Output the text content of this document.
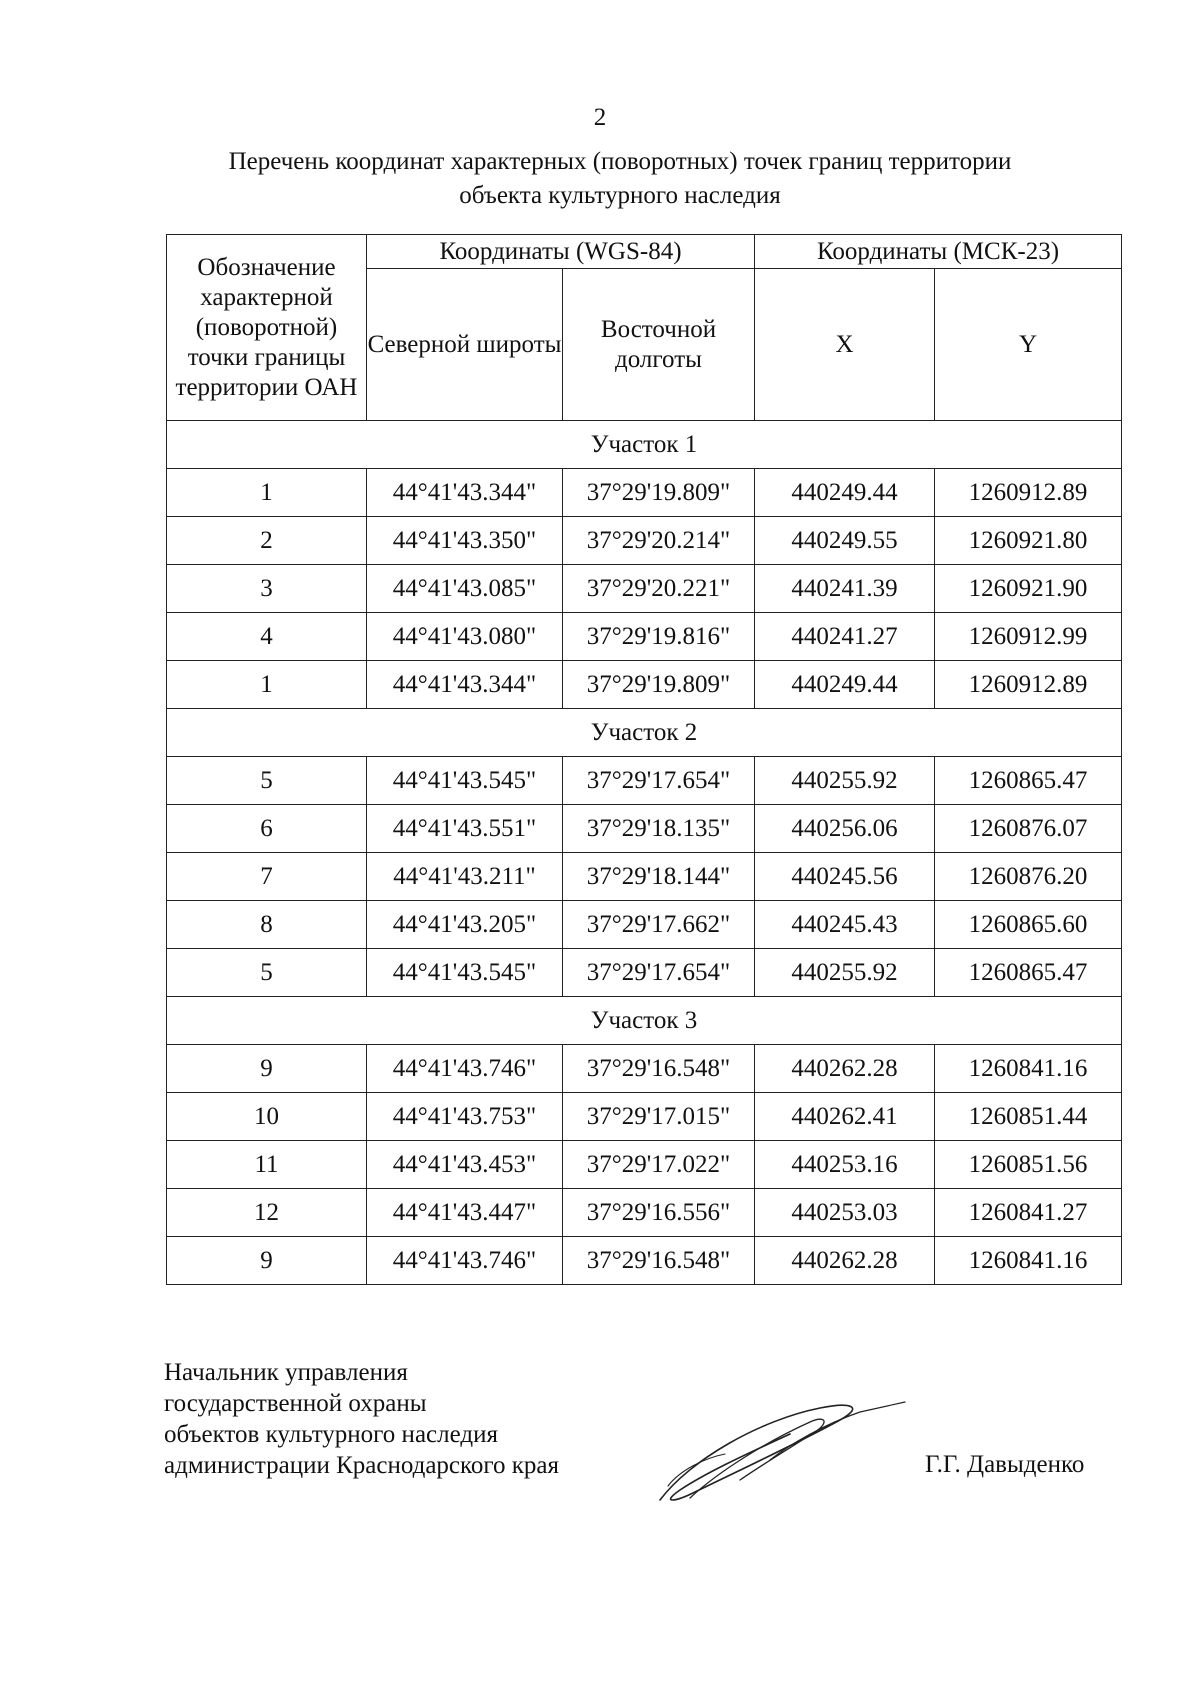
2
Перечень координат характерных (поворотных) точек границ территории
объекта культурного наследия
Обозначение характерной (поворотной) точки границы территории ОАН	Координаты (WGS-84)		Координаты (МСК-23)	
	Северной широты	Восточной долготы	X	Y
Участок 1				
1	44°41'43.344"	37°29'19.809"	440249.44	1260912.89
2	44°41'43.350"	37°29'20.214"	440249.55	1260921.80
3	44°41'43.085"	37°29'20.221"	440241.39	1260921.90
4	44°41'43.080"	37°29'19.816"	440241.27	1260912.99
1	44°41'43.344"	37°29'19.809"	440249.44	1260912.89
Участок 2				
5	44°41'43.545"	37°29'17.654"	440255.92	1260865.47
6	44°41'43.551"	37°29'18.135"	440256.06	1260876.07
7	44°41'43.211"	37°29'18.144"	440245.56	1260876.20
8	44°41'43.205"	37°29'17.662"	440245.43	1260865.60
5	44°41'43.545"	37°29'17.654"	440255.92	1260865.47
Участок 3				
9	44°41'43.746"	37°29'16.548"	440262.28	1260841.16
10	44°41'43.753"	37°29'17.015"	440262.41	1260851.44
11	44°41'43.453"	37°29'17.022"	440253.16	1260851.56
12	44°41'43.447"	37°29'16.556"	440253.03	1260841.27
9	44°41'43.746"	37°29'16.548"	440262.28	1260841.16
Начальник управления
государственной охраны
объектов культурного наследия
администрации Краснодарского края	Г.Г. Давыденко
